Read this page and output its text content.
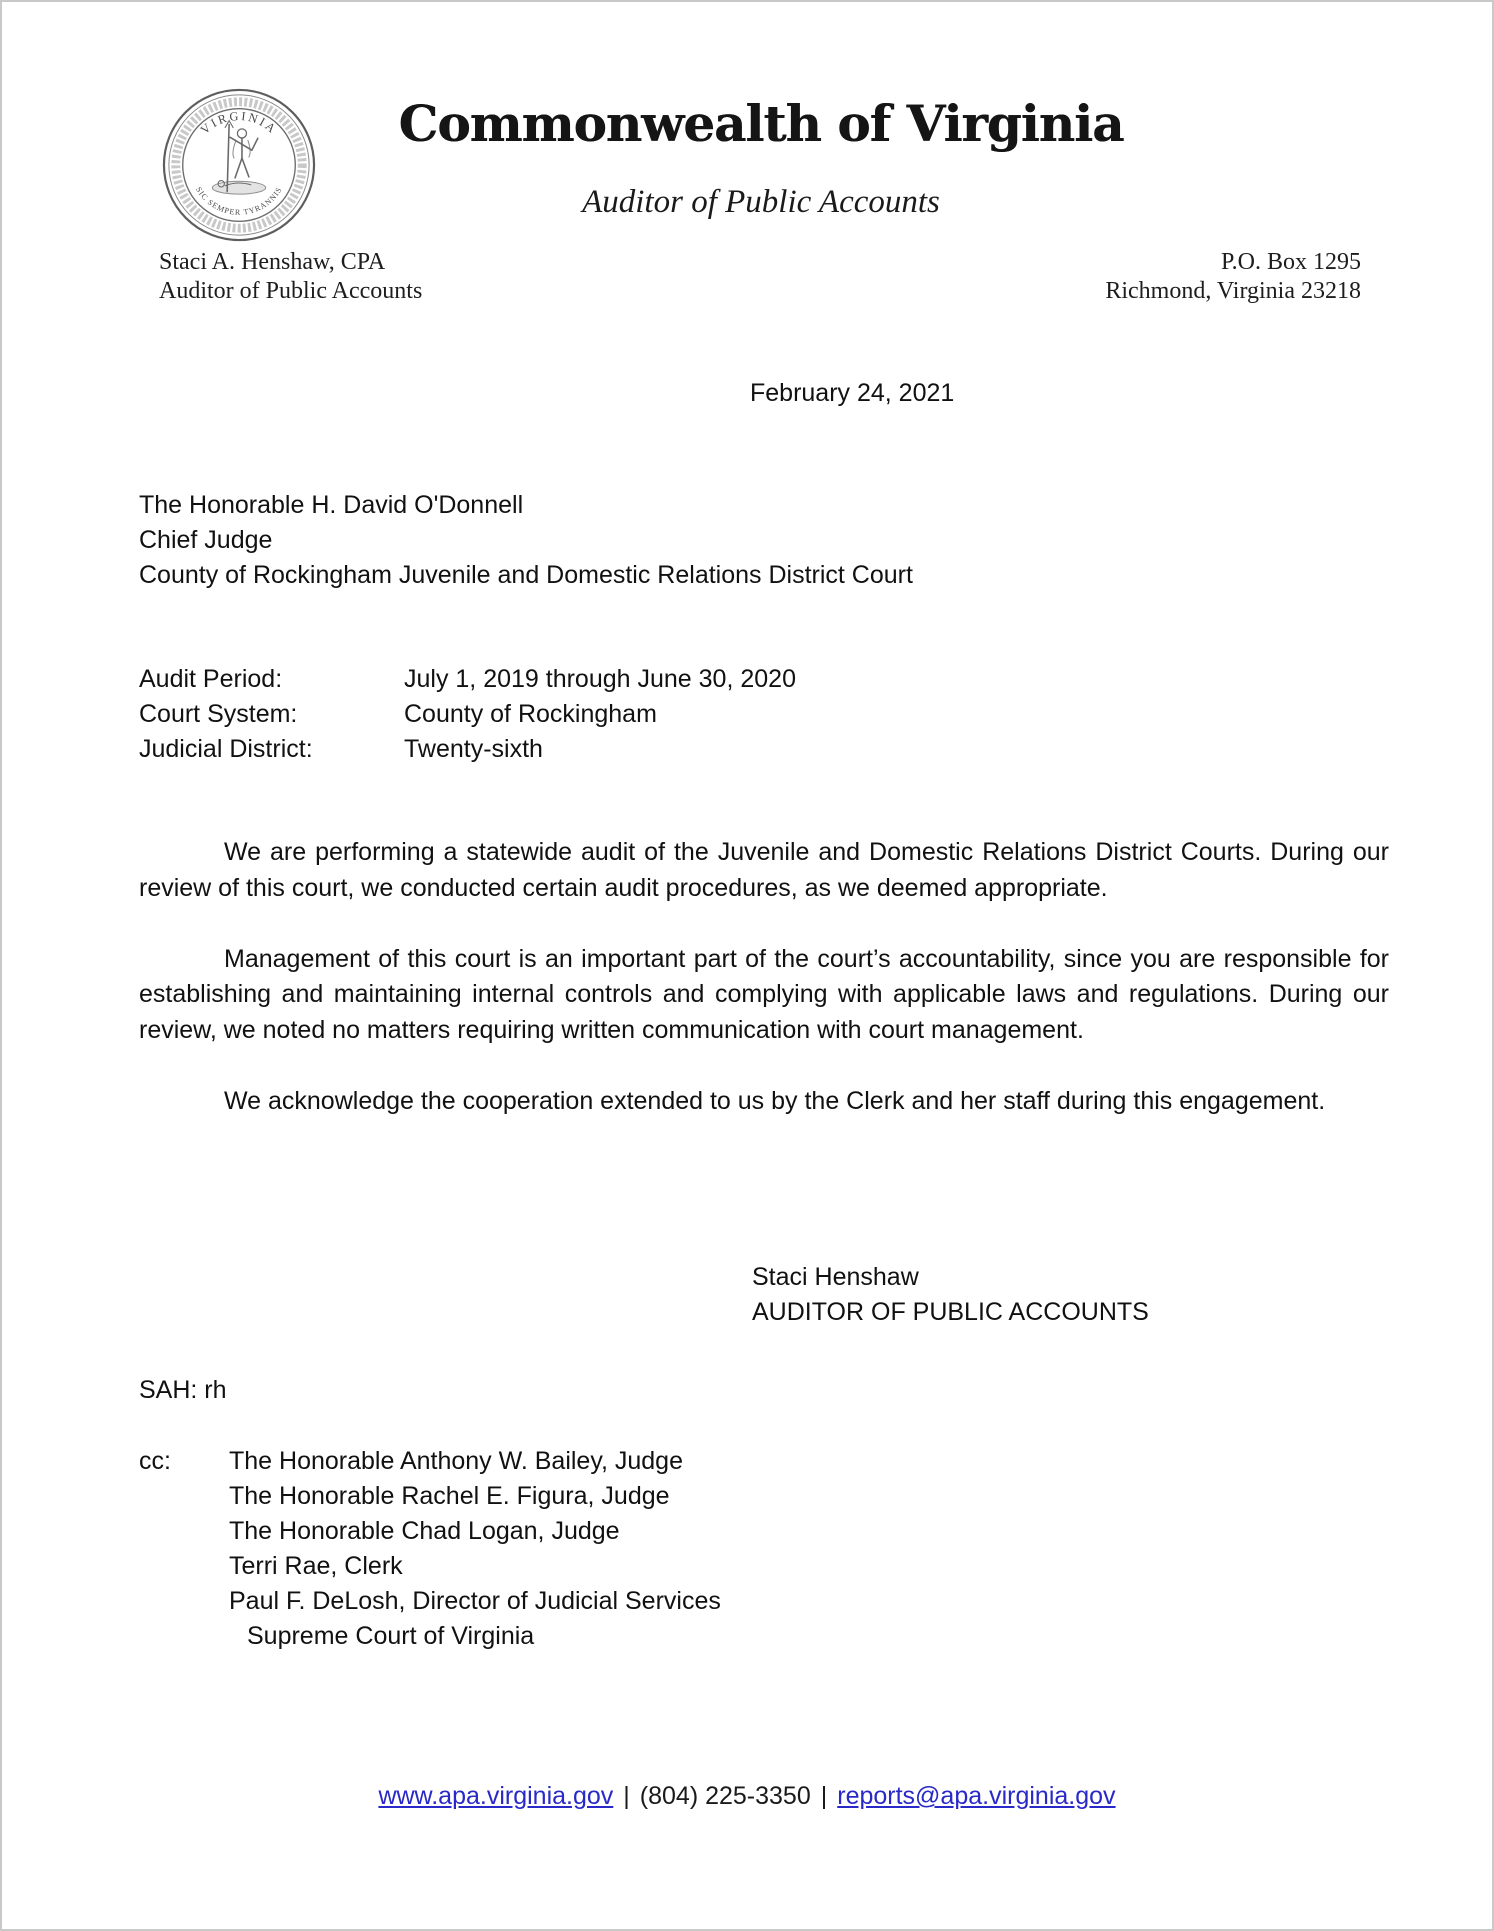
VIRGINIA
SIC SEMPER TYRANNIS
Commonwealth of Virginia
Auditor of Public Accounts
Staci A. Henshaw, CPA
Auditor of Public Accounts
P.O. Box 1295
Richmond, Virginia 23218
February 24, 2021
The Honorable H. David O'Donnell
Chief Judge
County of Rockingham Juvenile and Domestic Relations District Court
Audit Period:	July 1, 2019 through June 30, 2020
Court System:	County of Rockingham
Judicial District:	Twenty-sixth

We are performing a statewide audit of the Juvenile and Domestic Relations District Courts. During our review of this court, we conducted certain audit procedures, as we deemed appropriate.

Management of this court is an important part of the court’s accountability, since you are responsible for establishing and maintaining internal controls and complying with applicable laws and regulations. During our review, we noted no matters requiring written communication with court management.

We acknowledge the cooperation extended to us by the Clerk and her staff during this engagement.

Staci Henshaw
AUDITOR OF PUBLIC ACCOUNTS
SAH: rh
cc:	The Honorable Anthony W. Bailey, Judge
The Honorable Rachel E. Figura, Judge
The Honorable Chad Logan, Judge
Terri Rae, Clerk
Paul F. DeLosh, Director of Judicial Services
Supreme Court of Virginia
www.apa.virginia.gov | (804) 225-3350 | reports@apa.virginia.gov
